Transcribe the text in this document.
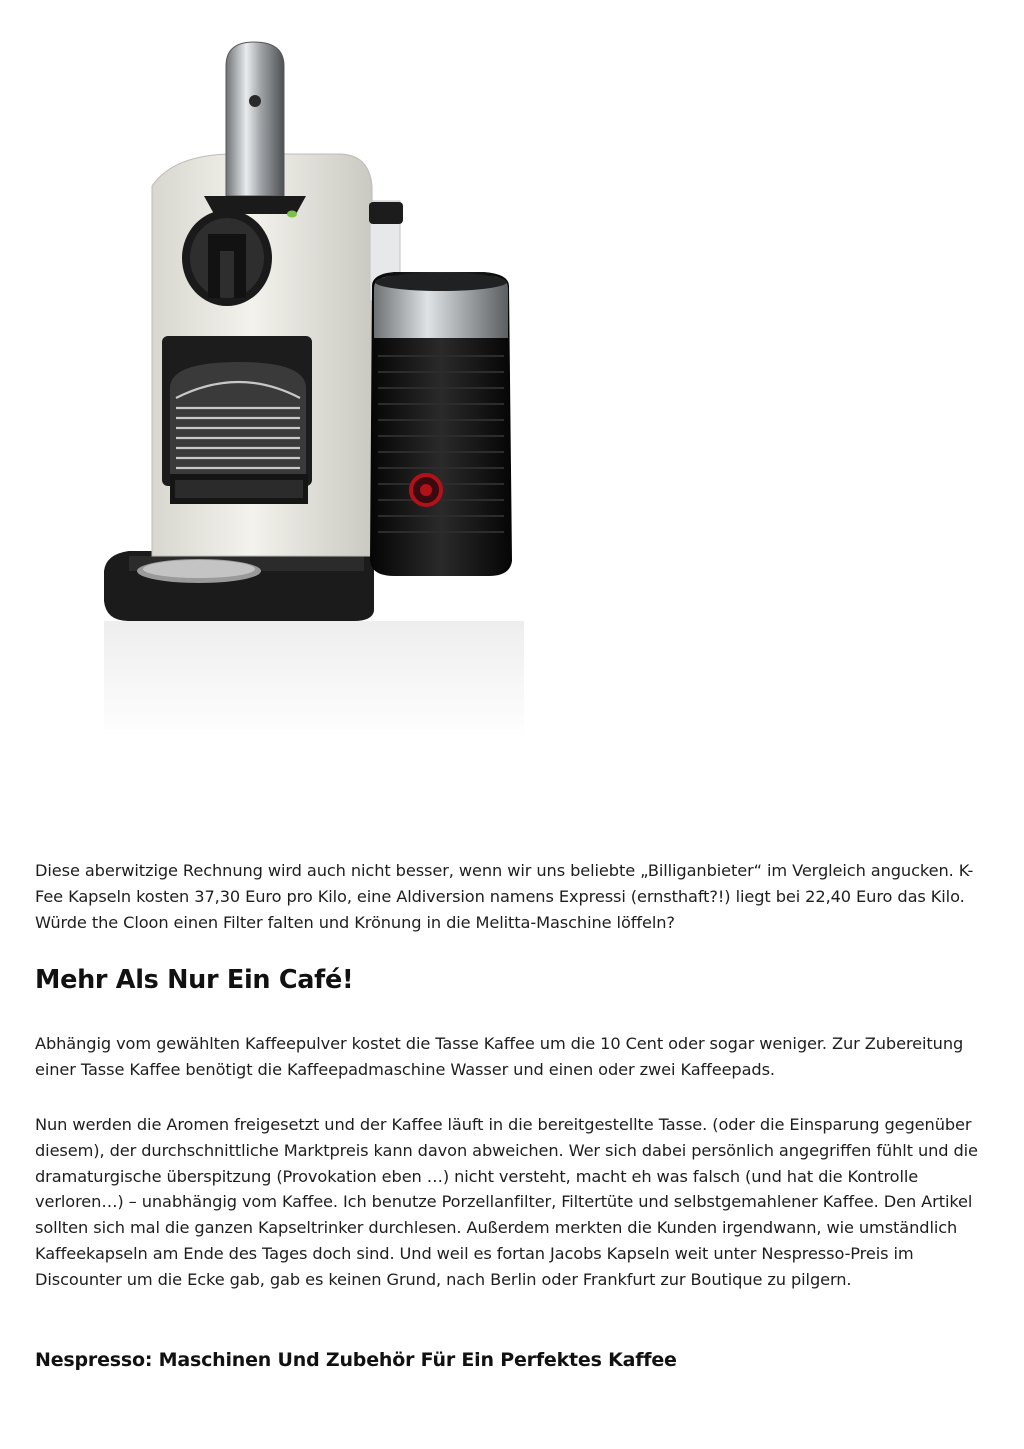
Diese aberwitzige Rechnung wird auch nicht besser, wenn wir uns beliebte „Billiganbieter“ im Vergleich angucken. K-Fee Kapseln kosten 37,30 Euro pro Kilo, eine Aldiversion namens Expressi (ernsthaft?!) liegt bei 22,40 Euro das Kilo. Würde the Cloon einen Filter falten und Krönung in die Melitta-Maschine löffeln?

Mehr Als Nur Ein Café!

Abhängig vom gewählten Kaffeepulver kostet die Tasse Kaffee um die 10 Cent oder sogar weniger. Zur Zubereitung einer Tasse Kaffee benötigt die Kaffeepadmaschine Wasser und einen oder zwei Kaffeepads.

Nun werden die Aromen freigesetzt und der Kaffee läuft in die bereitgestellte Tasse. (oder die Einsparung gegenüber diesem), der durchschnittliche Marktpreis kann davon abweichen. Wer sich dabei persönlich angegriffen fühlt und die dramaturgische überspitzung (Provokation eben …) nicht versteht, macht eh was falsch (und hat die Kontrolle verloren…) – unabhängig vom Kaffee. Ich benutze Porzellanfilter, Filtertüte und selbstgemahlener Kaffee. Den Artikel sollten sich mal die ganzen Kapseltrinker durchlesen. Außerdem merkten die Kunden irgendwann, wie umständlich Kaffeekapseln am Ende des Tages doch sind. Und weil es fortan Jacobs Kapseln weit unter Nespresso-Preis im Discounter um die Ecke gab, gab es keinen Grund, nach Berlin oder Frankfurt zur Boutique zu pilgern.

Nespresso: Maschinen Und Zubehör Für Ein Perfektes Kaffee
